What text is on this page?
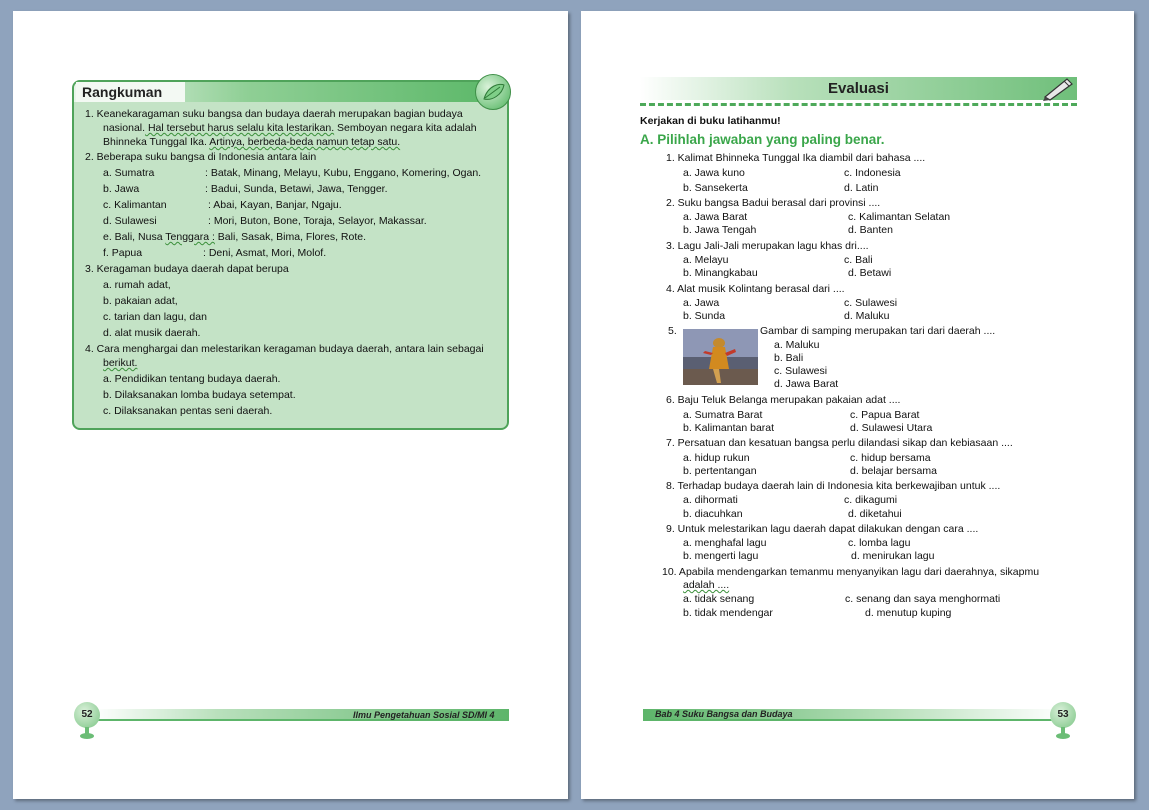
Rangkuman
1. Keanekaragaman suku bangsa dan budaya daerah merupakan bagian budaya
nasional. Hal tersebut harus selalu kita lestarikan. Semboyan negara kita adalah
Bhinneka Tunggal Ika. Artinya, berbeda-beda namun tetap satu.
2. Beberapa suku bangsa di Indonesia antara lain
a. Sumatra	: Batak, Minang, Melayu, Kubu, Enggano, Komering, Ogan.
b. Jawa	: Badui, Sunda, Betawi, Jawa, Tengger.
c. Kalimantan	: Abai, Kayan, Banjar, Ngaju.
d. Sulawesi	: Mori, Buton, Bone, Toraja, Selayor, Makassar.
e. Bali, Nusa Tenggara : Bali, Sasak, Bima, Flores, Rote.
f. Papua	: Deni, Asmat, Mori, Molof.
3. Keragaman budaya daerah dapat berupa
a. rumah adat,
b. pakaian adat,
c. tarian dan lagu, dan
d. alat musik daerah.
4. Cara menghargai dan melestarikan keragaman budaya daerah, antara lain sebagai
berikut.
a. Pendidikan tentang budaya daerah.
b. Dilaksanakan lomba budaya setempat.
c. Dilaksanakan pentas seni daerah.
52	Ilmu Pengetahuan Sosial SD/MI 4
Evaluasi
Kerjakan di buku latihanmu!
A. Pilihlah jawaban yang paling benar.
1. Kalimat Bhinneka Tunggal Ika diambil dari bahasa ....
a. Jawa kuno	c. Indonesia
b. Sansekerta	d. Latin
2. Suku bangsa Badui berasal dari provinsi ....
a. Jawa Barat	c. Kalimantan Selatan
b. Jawa Tengah	d. Banten
3. Lagu Jali-Jali merupakan lagu khas dri....
a. Melayu	c. Bali
b. Minangkabau	d. Betawi
4. Alat musik Kolintang berasal dari ....
a. Jawa	c. Sulawesi
b. Sunda	d. Maluku
5.	Gambar di samping merupakan tari dari daerah ....
a. Maluku
b. Bali
c. Sulawesi
d. Jawa Barat
6. Baju Teluk Belanga merupakan pakaian adat ....
a. Sumatra Barat	c. Papua Barat
b. Kalimantan barat	d. Sulawesi Utara
7. Persatuan dan kesatuan bangsa perlu dilandasi sikap dan kebiasaan ....
a. hidup rukun	c. hidup bersama
b. pertentangan	d. belajar bersama
8. Terhadap budaya daerah lain di Indonesia kita berkewajiban untuk ....
a. dihormati	c. dikagumi
b. diacuhkan	d. diketahui
9. Untuk melestarikan lagu daerah dapat dilakukan dengan cara ....
a. menghafal lagu	c. lomba lagu
b. mengerti lagu	d. menirukan lagu
10. Apabila mendengarkan temanmu menyanyikan lagu dari daerahnya, sikapmu
adalah ....
a. tidak senang	c. senang dan saya menghormati
b. tidak mendengar	d. menutup kuping
Bab 4 Suku Bangsa dan Budaya	53
